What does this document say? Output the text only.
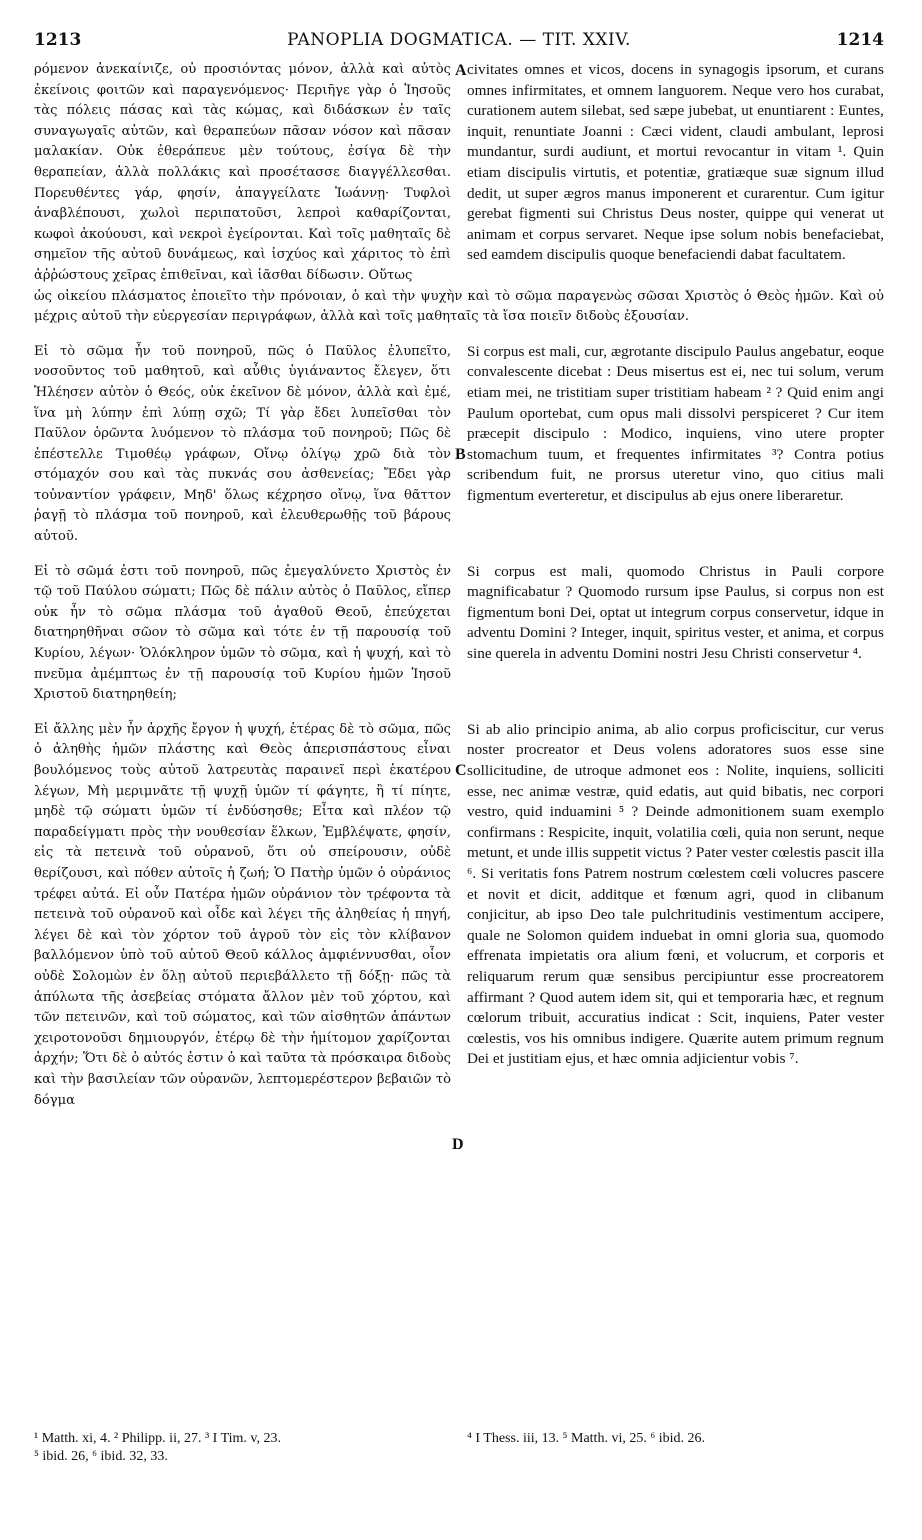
1213	PANOPLIA DOGMATICA. — TIT. XXIV.	1214
ρόμενον ἀνεκαίνιζε, οὐ προσιόντας μόνον, ἀλλὰ καὶ αὐτὸς ἐκείνοις φοιτῶν καὶ παραγενόμενος· Περιῆγε γὰρ ὁ Ἰησοῦς τὰς πόλεις πάσας καὶ τὰς κώμας, καὶ διδάσκων ἐν ταῖς συναγωγαῖς αὐτῶν, καὶ θεραπεύων πᾶσαν νόσον καὶ πᾶσαν μαλακίαν. Οὐκ ἐθεράπευε μὲν τούτους, ἐσίγα δὲ τὴν θεραπείαν, ἀλλὰ πολλάκις καὶ προσέτασσε διαγγέλλεσθαι. Πορευθέντες γάρ, φησίν, ἀπαγγείλατε Ἰωάννῃ· Τυφλοὶ ἀναβλέπουσι, χωλοὶ περιπατοῦσι, λεπροὶ καθαρίζονται, κωφοὶ ἀκούουσι, καὶ νεκροὶ ἐγείρονται. Καὶ τοῖς μαθηταῖς δὲ σημεῖον τῆς αὐτοῦ δυνάμεως, καὶ ἰσχύος καὶ χάριτος τὸ ἐπὶ ἀῤῥώστους χεῖρας ἐπιθεῖναι, καὶ ἰᾶσθαι δίδωσιν. Οὕτως
civitates omnes et vicos, docens in synagogis ipsorum, et curans omnes infirmitates, et omnem languorem. Neque vero hos curabat, curationem autem silebat, sed sæpe jubebat, ut enuntiarent : Euntes, inquit, renuntiate Joanni : Cæci vident, claudi ambulant, leprosi mundantur, surdi audiunt, et mortui revocantur in vitam ¹. Quin etiam discipulis virtutis, et potentiæ, gratiæque suæ signum illud dedit, ut super ægros manus imponerent et curarentur. Cum igitur gerebat figmenti sui Christus Deus noster, quippe qui venerat ut animam et corpus servaret. Neque ipse solum nobis benefaciebat, sed eamdem discipulis quoque benefaciendi dabat facultatem.
ὡς οἰκείου πλάσματος ἐποιεῖτο τὴν πρόνοιαν, ὁ καὶ τὴν ψυχὴν καὶ τὸ σῶμα παραγενὼς σῶσαι Χριστὸς ὁ Θεὸς ἡμῶν. Καὶ οὐ μέχρις αὐτοῦ τὴν εὐεργεσίαν περιγράφων, ἀλλὰ καὶ τοῖς μαθηταῖς τὰ ἴσα ποιεῖν διδοὺς ἐξουσίαν.
Εἰ τὸ σῶμα ἦν τοῦ πονηροῦ, πῶς ὁ Παῦλος ἐλυπεῖτο, νοσοῦντος τοῦ μαθητοῦ, καὶ αὖθις ὑγιάναντος ἔλεγεν, ὅτι Ἠλέησεν αὐτὸν ὁ Θεός, οὐκ ἐκεῖνον δὲ μόνον, ἀλλὰ καὶ ἐμέ, ἵνα μὴ λύπην ἐπὶ λύπῃ σχῶ; Τί γὰρ ἔδει λυπεῖσθαι τὸν Παῦλον ὁρῶντα λυόμενον τὸ πλάσμα τοῦ πονηροῦ; Πῶς δὲ ἐπέστελλε Τιμοθέῳ γράφων, Οἴνῳ ὀλίγῳ χρῶ διὰ τὸν στόμαχόν σου καὶ τὰς πυκνάς σου ἀσθενείας; Ἔδει γὰρ τοὐναντίον γράφειν, Μηδ' ὅλως κέχρησο οἴνῳ, ἵνα θᾶττον ῥαγῇ τὸ πλάσμα τοῦ πονηροῦ, καὶ ἐλευθερωθῇς τοῦ βάρους αὐτοῦ.
Si corpus est mali, cur, ægrotante discipulo Paulus angebatur, eoque convalescente dicebat : Deus misertus est ei, nec tui solum, verum etiam mei, ne tristitiam super tristitiam habeam ² ? Quid enim angi Paulum oportebat, cum opus mali dissolvi perspiceret ? Cur item præcepit discipulo : Modico, inquiens, vino utere propter stomachum tuum, et frequentes infirmitates ³? Contra potius scribendum fuit, ne prorsus uteretur vino, quo citius mali figmentum everteretur, et discipulus ab ejus onere liberaretur.
Εἰ τὸ σῶμά ἐστι τοῦ πονηροῦ, πῶς ἐμεγαλύνετο Χριστὸς ἐν τῷ τοῦ Παύλου σώματι; Πῶς δὲ πάλιν αὐτὸς ὁ Παῦλος, εἴπερ οὐκ ἦν τὸ σῶμα πλάσμα τοῦ ἀγαθοῦ Θεοῦ, ἐπεύχεται διατηρηθῆναι σῶον τὸ σῶμα καὶ τότε ἐν τῇ παρουσίᾳ τοῦ Κυρίου, λέγων· Ὁλόκληρον ὑμῶν τὸ σῶμα, καὶ ἡ ψυχή, καὶ τὸ πνεῦμα ἀμέμπτως ἐν τῇ παρουσίᾳ τοῦ Κυρίου ἡμῶν Ἰησοῦ Χριστοῦ διατηρηθείη;
Si corpus est mali, quomodo Christus in Pauli corpore magnificabatur ? Quomodo rursum ipse Paulus, si corpus non est figmentum boni Dei, optat ut integrum corpus conservetur, idque in adventu Domini ? Integer, inquit, spiritus vester, et anima, et corpus sine querela in adventu Domini nostri Jesu Christi conservetur ⁴.
Εἰ ἄλλης μὲν ἦν ἀρχῆς ἔργον ἡ ψυχή, ἑτέρας δὲ τὸ σῶμα, πῶς ὁ ἀληθὴς ἡμῶν πλάστης καὶ Θεὸς ἀπερισπάστους εἶναι βουλόμενος τοὺς αὐτοῦ λατρευτὰς παραινεῖ περὶ ἑκατέρου λέγων, Μὴ μεριμνᾶτε τῇ ψυχῇ ὑμῶν τί φάγητε, ἢ τί πίητε, μηδὲ τῷ σώματι ὑμῶν τί ἐνδύσησθε; Εἶτα καὶ πλέον τῷ παραδείγματι πρὸς τὴν νουθεσίαν ἕλκων, Ἐμβλέψατε, φησίν, εἰς τὰ πετεινὰ τοῦ οὐρανοῦ, ὅτι οὐ σπείρουσιν, οὐδὲ θερίζουσι, καὶ πόθεν αὐτοῖς ἡ ζωή; Ὁ Πατὴρ ὑμῶν ὁ οὐράνιος τρέφει αὐτά. Εἰ οὖν Πατέρα ἡμῶν οὐράνιον τὸν τρέφοντα τὰ πετεινὰ τοῦ οὐρανοῦ καὶ οἶδε καὶ λέγει τῆς ἀληθείας ἡ πηγή, λέγει δὲ καὶ τὸν χόρτον τοῦ ἀγροῦ τὸν εἰς τὸν κλίβανον βαλλόμενον ὑπὸ τοῦ αὐτοῦ Θεοῦ κάλλος ἀμφιέννυσθαι, οἷον οὐδὲ Σολομὼν ἐν ὅλῃ αὐτοῦ περιεβάλλετο τῇ δόξῃ· πῶς τὰ ἀπύλωτα τῆς ἀσεβείας στόματα ἄλλον μὲν τοῦ χόρτου, καὶ τῶν πετεινῶν, καὶ τοῦ σώματος, καὶ τῶν αἰσθητῶν ἁπάντων χειροτονοῦσι δημιουργόν, ἑτέρῳ δὲ τὴν ἡμίτομον χαρίζονται ἀρχήν; Ὅτι δὲ ὁ αὐτός ἐστιν ὁ καὶ ταῦτα τὰ πρόσκαιρα διδοὺς καὶ τὴν βασιλείαν τῶν οὐρανῶν, λεπτομερέστερον βεβαιῶν τὸ δόγμα
Si ab alio principio anima, ab alio corpus proficiscitur, cur verus noster procreator et Deus volens adoratores suos esse sine sollicitudine, de utroque admonet eos : Nolite, inquiens, solliciti esse, nec animæ vestræ, quid edatis, aut quid bibatis, nec corpori vestro, quid induamini ⁵ ? Deinde admonitionem suam exemplo confirmans : Respicite, inquit, volatilia cœli, quia non serunt, neque metunt, et unde illis suppetit victus ? Pater vester cœlestis pascit illa ⁶. Si veritatis fons Patrem nostrum cœlestem cœli volucres pascere et novit et dicit, additque et fœnum agri, quod in clibanum conjicitur, ab ipso Deo tale pulchritudinis vestimentum accipere, quale ne Solomon quidem induebat in omni gloria sua, quomodo effrenata impietatis ora alium fœni, et volucrum, et corporis et reliquarum rerum quæ sensibus percipiuntur esse procreatorem affirmant ? Quod autem idem sit, qui et temporaria hæc, et regnum cœlorum tribuit, accuratius indicat : Scit, inquiens, Pater vester cœlestis, vos his omnibus indigere. Quærite autem primum regnum Dei et justitiam ejus, et hæc omnia adjicientur vobis ⁷.
A
B
C
D
¹ Matth. xi, 4. ² Philipp. ii, 27. ³ I Tim. v, 23.
⁵ ibid. 26, ⁶ ibid. 32, 33.
⁴ I Thess. iii, 13. ⁵ Matth. vi, 25. ⁶ ibid. 26.
